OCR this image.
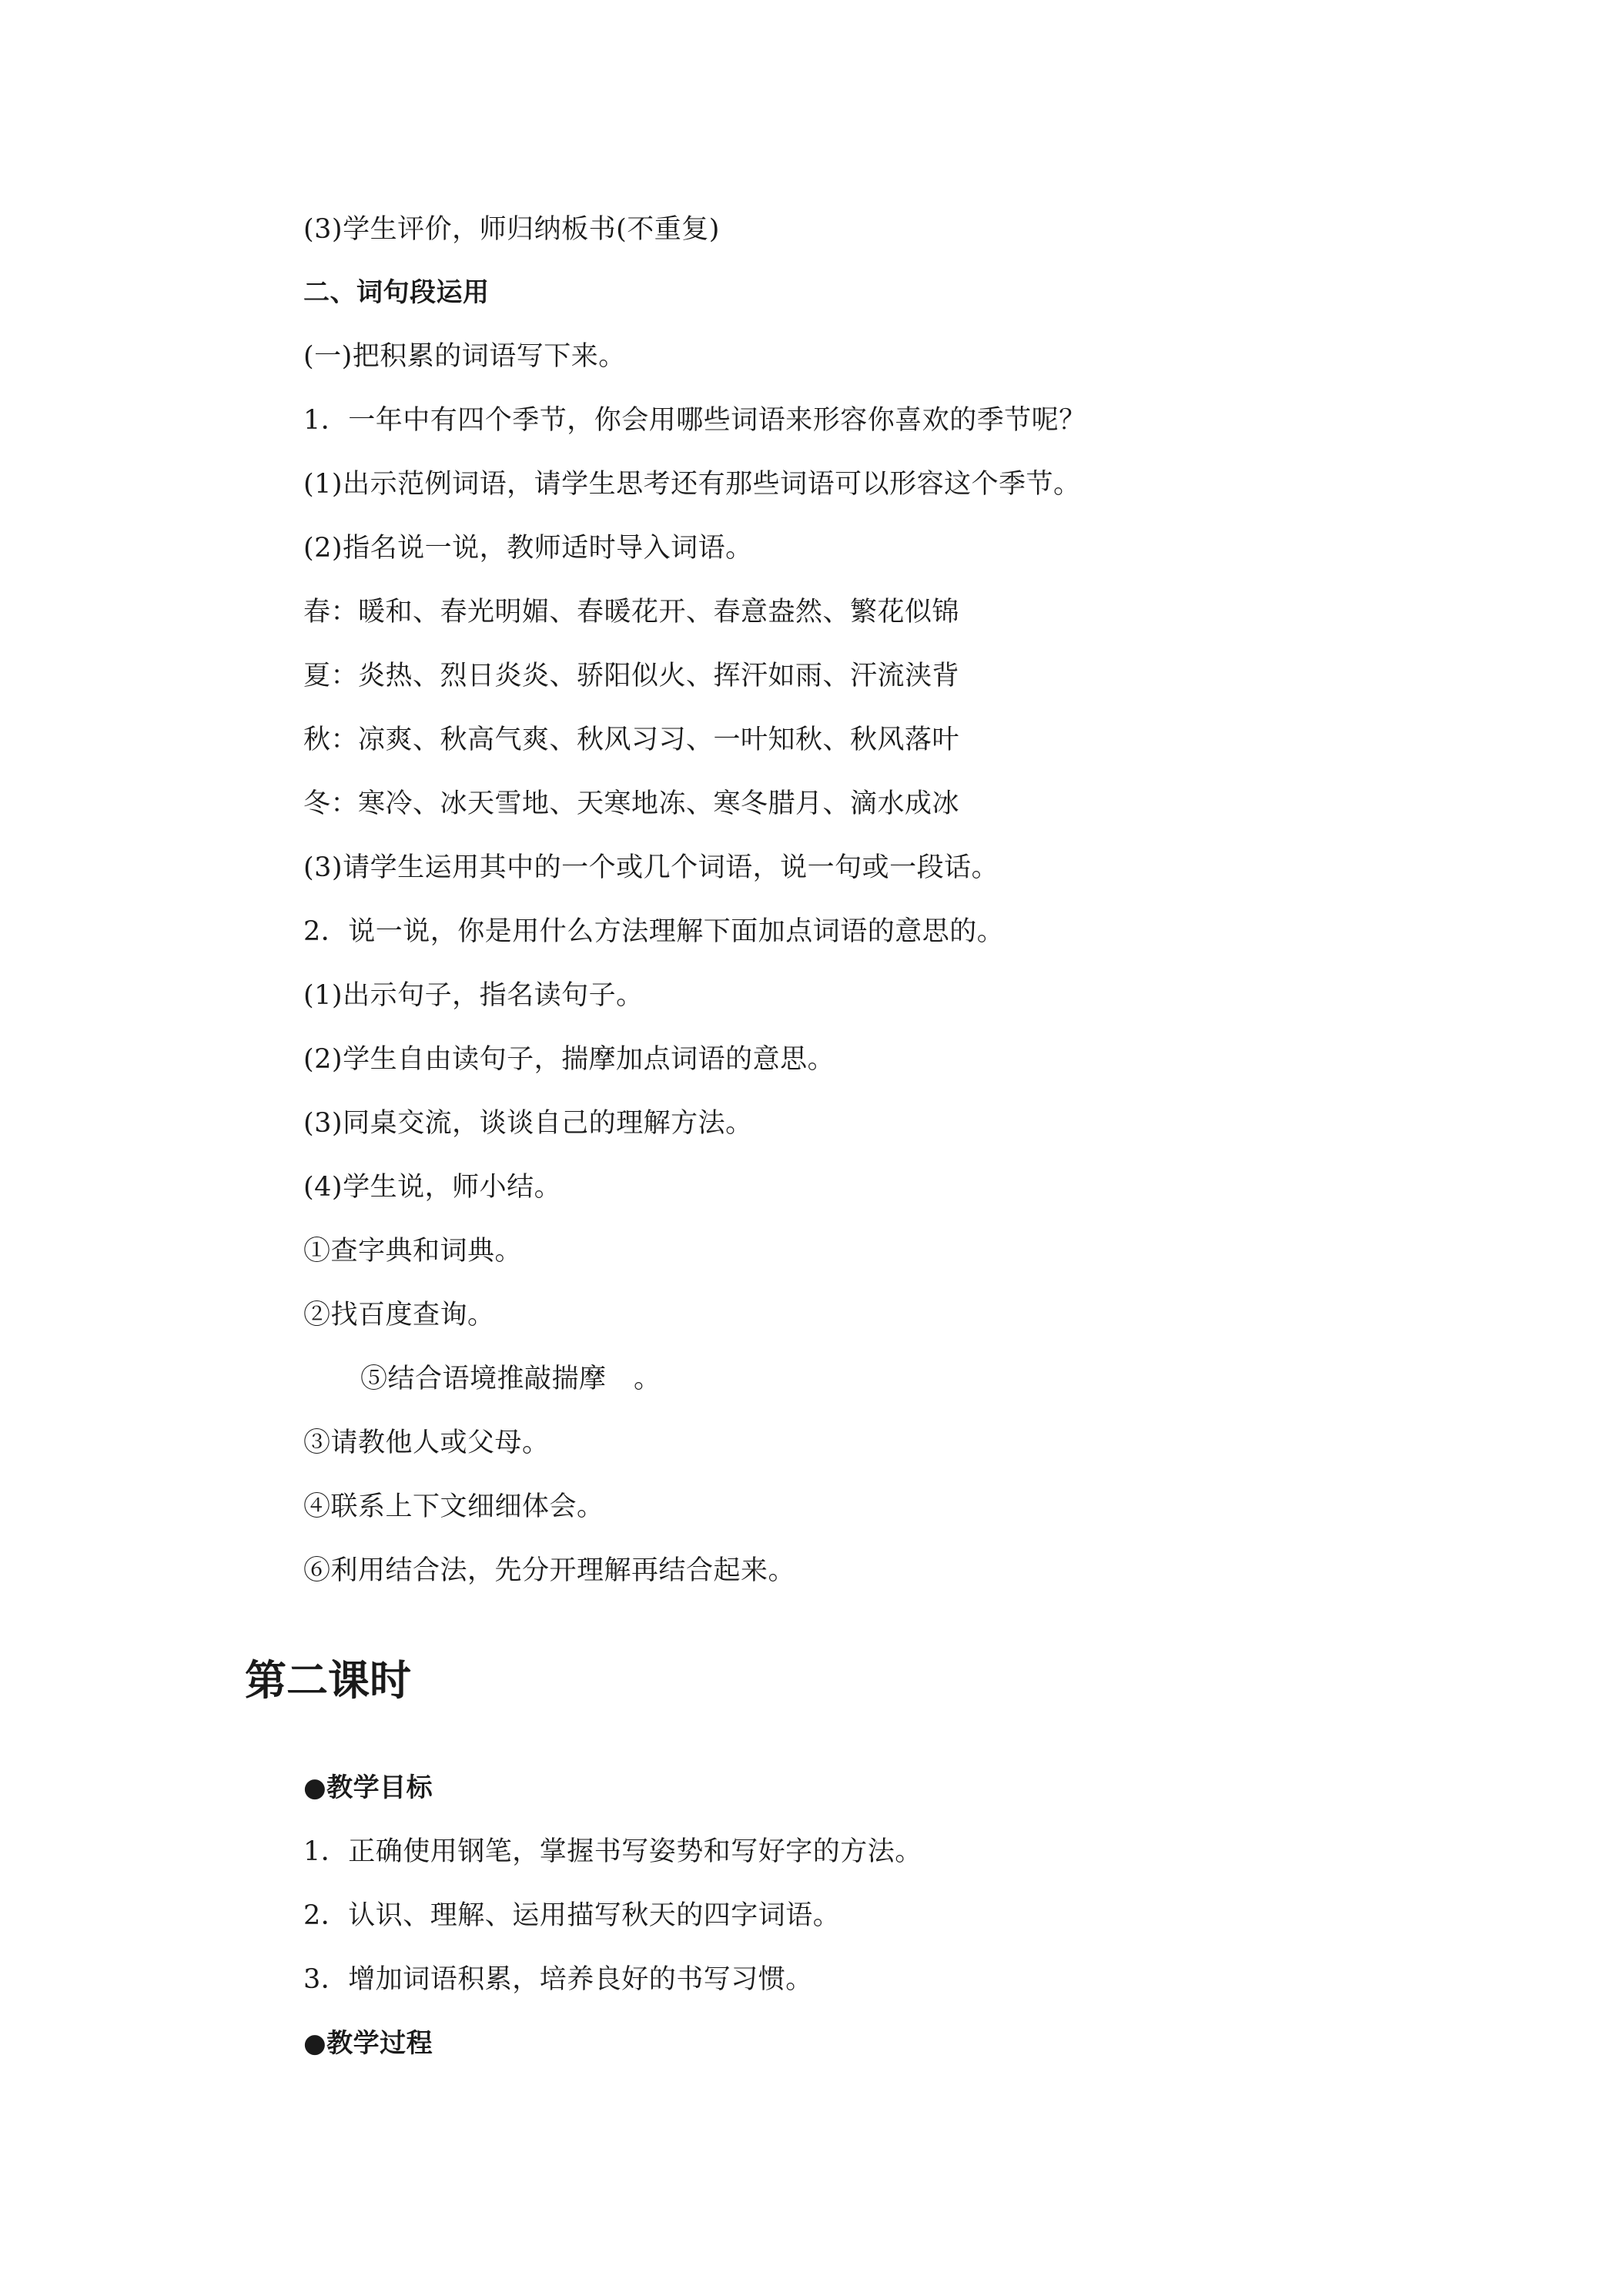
(3)学生评价，师归纳板书(不重复)
二、词句段运用
(一)把积累的词语写下来。
1．一年中有四个季节，你会用哪些词语来形容你喜欢的季节呢？
(1)出示范例词语，请学生思考还有那些词语可以形容这个季节。
(2)指名说一说，教师适时导入词语。
春：暖和、春光明媚、春暖花开、春意盎然、繁花似锦
夏：炎热、烈日炎炎、骄阳似火、挥汗如雨、汗流浃背
秋：凉爽、秋高气爽、秋风习习、一叶知秋、秋风落叶
冬：寒冷、冰天雪地、天寒地冻、寒冬腊月、滴水成冰
(3)请学生运用其中的一个或几个词语，说一句或一段话。
2．说一说，你是用什么方法理解下面加点词语的意思的。
(1)出示句子，指名读句子。
(2)学生自由读句子，揣摩加点词语的意思。
(3)同桌交流，谈谈自己的理解方法。
(4)学生说，师小结。
①查字典和词典。
②找百度查询。
⑤结合语境推敲揣摩　。
③请教他人或父母。
④联系上下文细细体会。
⑥利用结合法，先分开理解再结合起来。
第二课时
●教学目标
1．正确使用钢笔，掌握书写姿势和写好字的方法。
2．认识、理解、运用描写秋天的四字词语。
3．增加词语积累，培养良好的书写习惯。
●教学过程
